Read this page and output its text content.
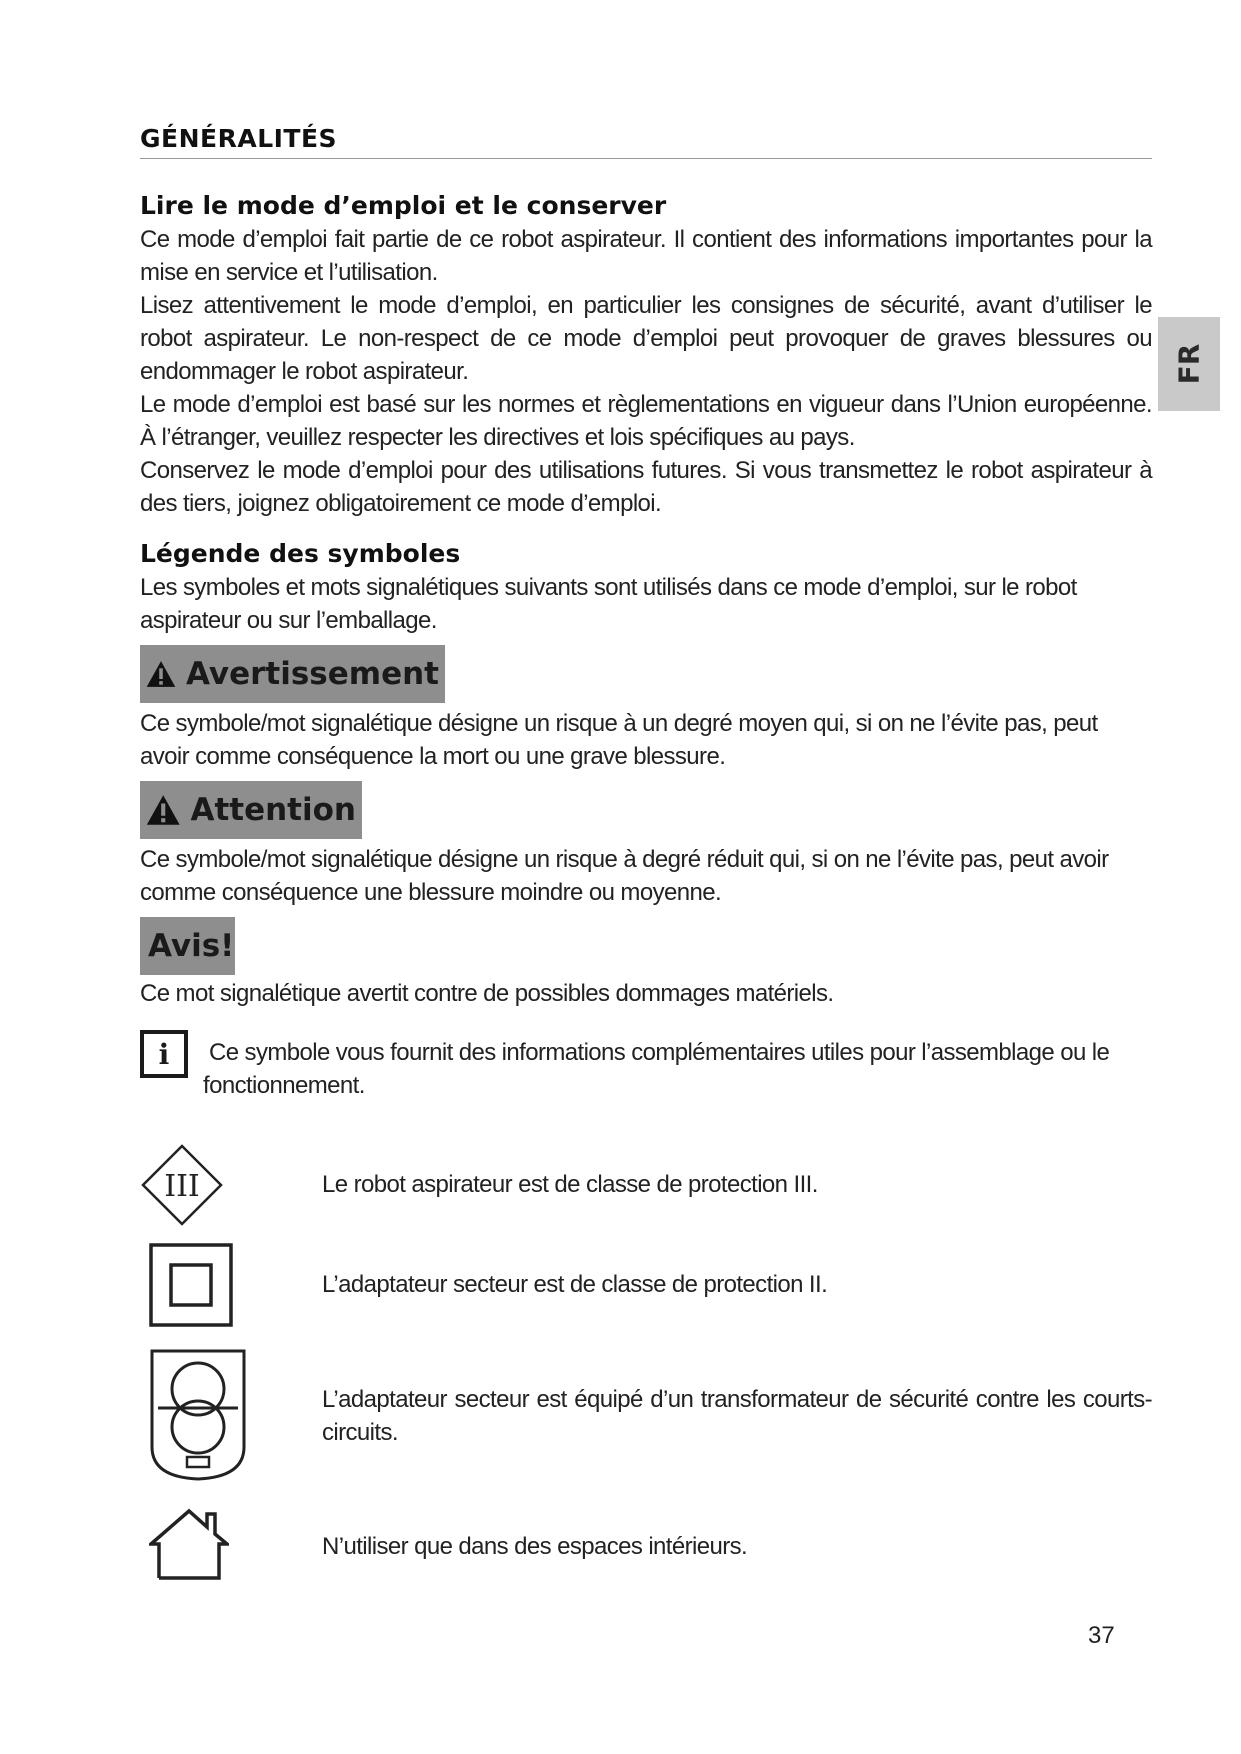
GÉNÉRALITÉS
FR
Lire le mode d’emploi et le conserver

Ce mode d’emploi fait partie de ce robot aspirateur. Il contient des informations importantes pour la mise en service et l’utilisation.

Lisez attentivement le mode d’emploi, en particulier les consignes de sécurité, avant d’utiliser le robot aspirateur. Le non-respect de ce mode d’emploi peut provoquer de graves blessures ou endommager le robot aspirateur.

Le mode d’emploi est basé sur les normes et règlementations en vigueur dans l’Union européenne. À l’étranger, veuillez respecter les directives et lois spécifiques au pays.

Conservez le mode d’emploi pour des utilisations futures. Si vous transmettez le robot aspirateur à des tiers, joignez obligatoirement ce mode d’emploi.

Légende des symboles

Les symboles et mots signalétiques suivants sont utilisés dans ce mode d’emploi, sur le robot aspirateur ou sur l’emballage.

Avertissement

Ce symbole/mot signalétique désigne un risque à un degré moyen qui, si on ne l’évite pas, peut avoir comme conséquence la mort ou une grave blessure.

Attention

Ce symbole/mot signalétique désigne un risque à degré réduit qui, si on ne l’évite pas, peut avoir comme conséquence une blessure moindre ou moyenne.

Avis!

Ce mot signalétique avertit contre de possibles dommages matériels.

i Ce symbole vous fournit des informations complémentaires utiles pour l’assemblage ou le fonctionnement.

III	Le robot aspirateur est de classe de protection III.
L’adaptateur secteur est de classe de protection II.
L’adaptateur secteur est équipé d’un transformateur de sécurité contre les courts-circuits.
N’utiliser que dans des espaces intérieurs.
37
